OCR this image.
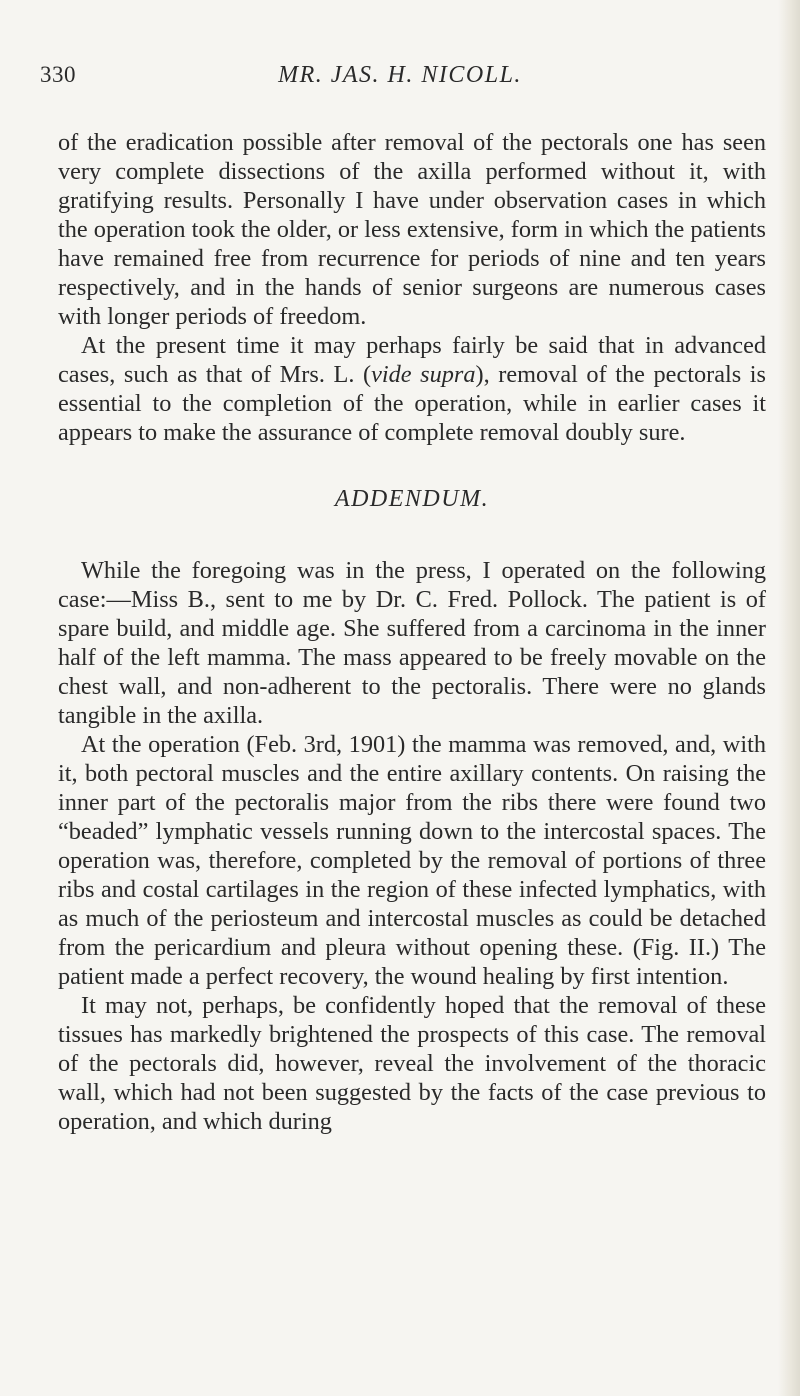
330	MR. JAS. H. NICOLL.

of the eradication possible after removal of the pectorals one has seen very complete dissections of the axilla performed without it, with gratifying results. Personally I have under observation cases in which the operation took the older, or less extensive, form in which the patients have remained free from recurrence for periods of nine and ten years respectively, and in the hands of senior surgeons are numerous cases with longer periods of freedom.

At the present time it may perhaps fairly be said that in advanced cases, such as that of Mrs. L. (vide supra), removal of the pectorals is essential to the completion of the operation, while in earlier cases it appears to make the assurance of complete removal doubly sure.

ADDENDUM.

While the foregoing was in the press, I operated on the following case:—Miss B., sent to me by Dr. C. Fred. Pollock. The patient is of spare build, and middle age. She suffered from a carcinoma in the inner half of the left mamma. The mass appeared to be freely movable on the chest wall, and non-adherent to the pectoralis. There were no glands tangible in the axilla.

At the operation (Feb. 3rd, 1901) the mamma was removed, and, with it, both pectoral muscles and the entire axillary contents. On raising the inner part of the pectoralis major from the ribs there were found two “beaded” lymphatic vessels running down to the intercostal spaces. The operation was, therefore, completed by the removal of portions of three ribs and costal cartilages in the region of these infected lymphatics, with as much of the periosteum and intercostal muscles as could be detached from the pericardium and pleura without opening these. (Fig. II.) The patient made a perfect recovery, the wound healing by first intention.

It may not, perhaps, be confidently hoped that the removal of these tissues has markedly brightened the prospects of this case. The removal of the pectorals did, however, reveal the involvement of the thoracic wall, which had not been suggested by the facts of the case previous to operation, and which during
